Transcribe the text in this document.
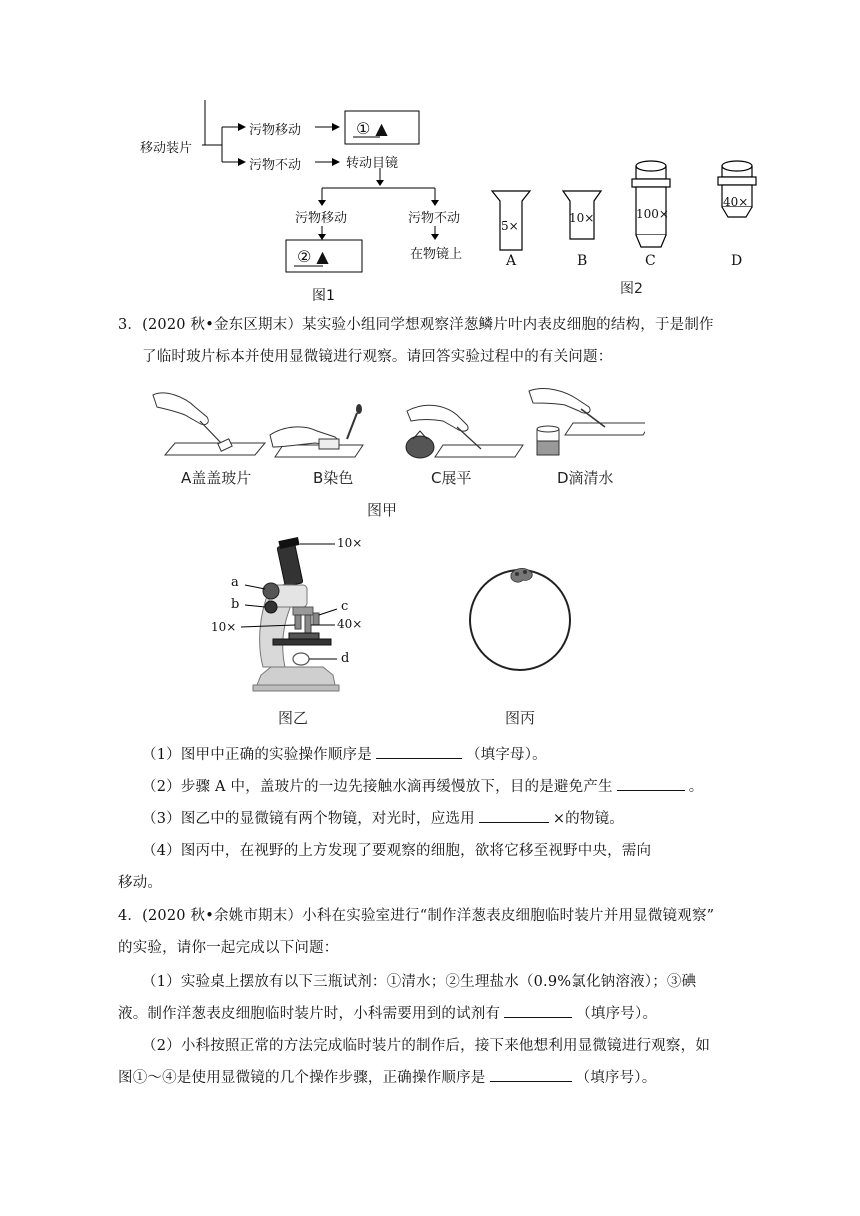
移动装片
污物移动
污物不动
① ▲
转动目镜
污物移动	污物不动
② ▲	在物镜上
图1
5×
10×	100×
40×
A	B	C	D
图2
3．(2020 秋•金东区期末）某实验小组同学想观察洋葱鳞片叶内表皮细胞的结构，于是制作
了临时玻片标本并使用显微镜进行观察。请回答实验过程中的有关问题：
A盖盖玻片	B染色	C展平	D滴清水
图甲
10×
a
b	c
40×
10×
d
图乙	图丙
（1）图甲中正确的实验操作顺序是	（填字母）。
（2）步骤 A 中，盖玻片的一边先接触水滴再缓慢放下，目的是避免产生	。
（3）图乙中的显微镜有两个物镜，对光时，应选用	×的物镜。
（4）图丙中，在视野的上方发现了要观察的细胞，欲将它移至视野中央，需向
移动。
4．(2020 秋•余姚市期末）小科在实验室进行“制作洋葱表皮细胞临时装片并用显微镜观察”
的实验，请你一起完成以下问题：
（1）实验桌上摆放有以下三瓶试剂：①清水；②生理盐水（0.9%氯化钠溶液）；③碘
液。制作洋葱表皮细胞临时装片时，小科需要用到的试剂有	（填序号）。
（2）小科按照正常的方法完成临时装片的制作后，接下来他想利用显微镜进行观察，如
图①～④是使用显微镜的几个操作步骤，正确操作顺序是	（填序号）。
